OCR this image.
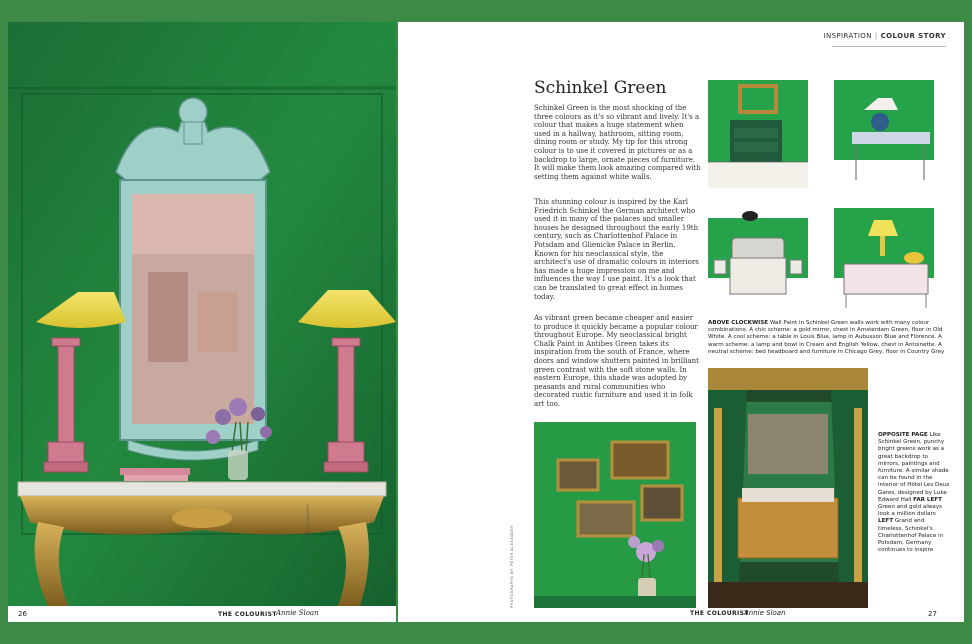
PHOTOGRAPH BY: PETER ALEXANDER
26	THE COLOURIST Annie Sloan
INSPIRATION | COLOUR STORY
Schinkel Green

Schinkel Green is the most shocking of the three colours as it's so vibrant and lively. It's a colour that makes a huge statement when used in a hallway, bathroom, sitting room, dining room or study. My tip for this strong colour is to use it covered in pictures or as a backdrop to large, ornate pieces of furniture. It will make them look amazing compared with setting them against white walls.

This stunning colour is inspired by the Karl Friedrich Schinkel the German architect who used it in many of the palaces and smaller houses he designed throughout the early 19th century, such as Charlottenhof Palace in Potsdam and Glienicke Palace in Berlin. Known for his neoclassical style, the architect's use of dramatic colours in interiors has made a huge impression on me and influences the way I use paint. It's a look that can be translated to great effect in homes today.

As vibrant green became cheaper and easier to produce it quickly became a popular colour throughout Europe. My neoclassical bright Chalk Paint in Antibes Green takes its inspiration from the south of France, where doors and window shutters painted in brilliant green contrast with the soft stone walls. In eastern Europe, this shade was adopted by peasants and rural communities who decorated rustic furniture and used it in folk art too.

ABOVE CLOCKWISE Wall Paint in Schinkel Green walls work with many colour combinations. A chic scheme: a gold mirror, chest in Amsterdam Green, floor in Old White. A cool scheme: a table in Louis Blue, lamp in Aubusson Blue and Florence. A warm scheme: a lamp and bowl in Cream and English Yellow, chest in Antoinette. A neutral scheme: bed headboard and furniture in Chicago Grey, floor in Country Grey

PHOTOGRAPHS BY: PETER ALEXANDER

OPPOSITE PAGE Like Schinkel Green, punchy bright greens work as a great backdrop to mirrors, paintings and furniture. A similar shade can be found in the interior of Hôtel Les Deux Gares, designed by Luke Edward Hall FAR LEFT Green and gold always look a million dollars LEFT Grand and timeless, Schinkel's Charlottenhof Palace in Potsdam, Germany continues to inspire

THE COLOURIST
Annie Sloan	27
